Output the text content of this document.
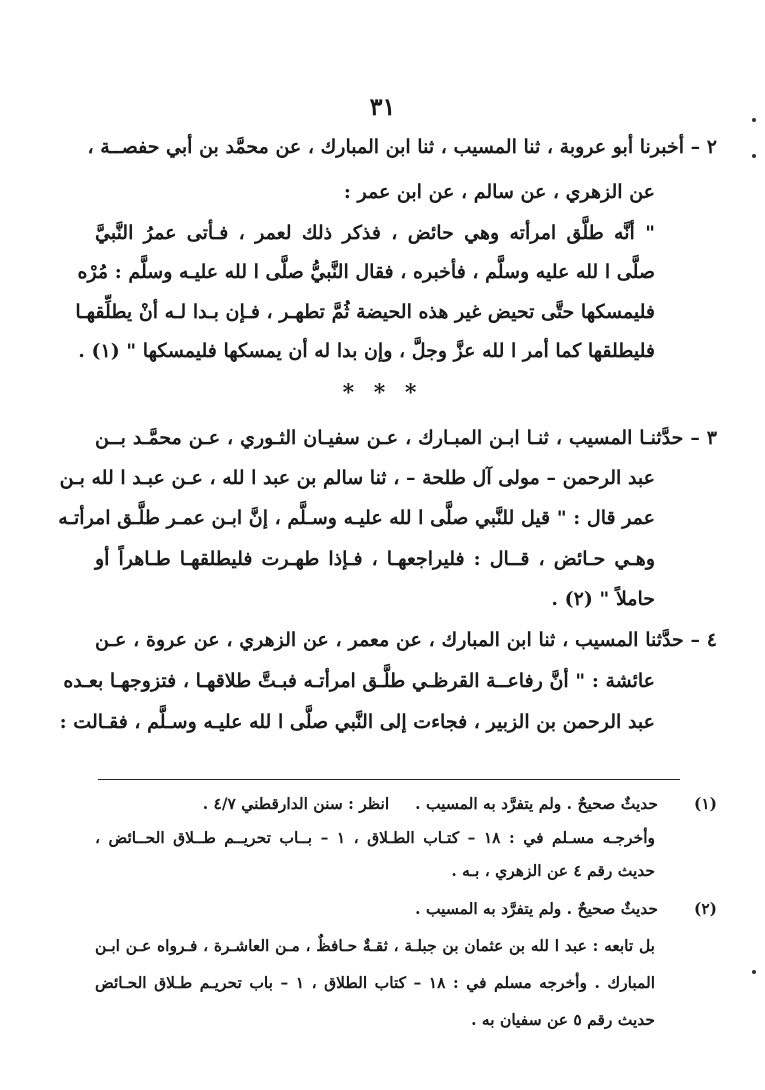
٣١
٢ – أخبرنا أبو عروبة ، ثنا المسيب ، ثنا ابن المبارك ، عن محمَّد بن أبي حفصــة ،
عن الزهري ، عن سالم ، عن ابن عمر :
" أنَّه طلَّق امرأته وهي حائض ، فذكر ذلك لعمر ، فـأتى عمرُ النَّبيَّ
صلَّى ا لله عليه وسلَّم ، فأخبره ، فقال النَّبيُّ صلَّى ا لله عليـه وسلَّم : مُرْه
فليمسكها حتَّى تحيض غير هذه الحيضة ثُمَّ تطهـر ، فـإن بـدا لـه أنْ يطلِّقهـا
فليطلقها كما أمر ا لله عزَّ وجلَّ ، وإن بدا له أن يمسكها فليمسكها " (١) .
* * *
٣ – حدَّثنـا المسيب ، ثنـا ابـن المبـارك ، عـن سفيـان الثـوري ، عـن محمَّـد بــن
عبد الرحمن – مولى آل طلحة – ، ثنا سالم بن عبد ا لله ، عـن عبـد ا لله بـن
عمر قال : " قيل للنَّبي صلَّى ا لله عليـه وسـلَّم ، إنَّ ابـن عمـر طلَّـق امرأتـه
وهـي حـائض ، قــال : فليراجعهـا ، فـإذا طهـرت فليطلقهـا طـاهراً أو
حاملاً " (٢) .
٤ – حدَّثنا المسيب ، ثنا ابن المبارك ، عن معمر ، عن الزهري ، عن عروة ، عـن
عائشة : " أنَّ رفاعــة القرظـي طلَّـق امرأتـه فبـتَّ طلاقهـا ، فتزوجهـا بعـده
عبد الرحمن بن الزبير ، فجاءت إلى النَّبي صلَّى ا لله عليـه وسـلَّم ، فقـالت :
(١)حديثٌ صحيحٌ . ولم يتفرَّد به المسيب .انظر : سنن الدارقطني ٤/٧ .
وأخرجـه مسـلم في : ١٨ – كتـاب الطـلاق ، ١ – بــاب تحريــم طــلاق الحــائض ،
حديث رقم ٤ عن الزهري ، بـه .
(٢)حديثٌ صحيحٌ . ولم يتفرَّد به المسيب .
بل تابعه : عبد ا لله بن عثمان بن جبلـة ، ثقـةٌ حـافظٌ ، مـن العاشـرة ، فـرواه عـن ابـن
المبارك . وأخرجه مسلم في : ١٨ – كتاب الطلاق ، ١ – باب تحريـم طـلاق الحـائض
حديث رقم ٥ عن سفيان به .
